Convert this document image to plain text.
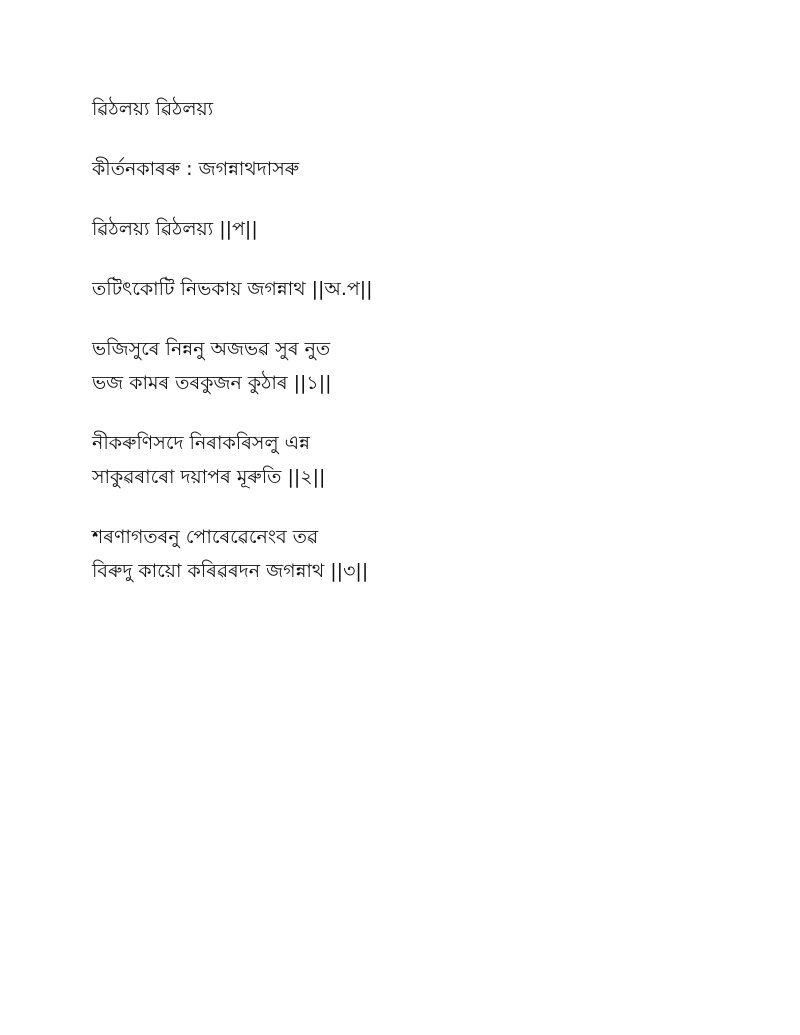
ৱিঠলয়্য ৱিঠলয়্য

কীর্তনকাৰৰু : জগন্নাথদাসৰু

ৱিঠলয়্য ৱিঠলয়্য ||প||

তটিৎকোটি নিভকায় জগন্নাথ ||অ.প||

ভজিসুৰে নিন্ননু অজভৱ সুৰ নুত

ভজ কামৰ তৰকুজন কুঠাৰ ||১||

নীকৰুণিসদে নিৰাকৰিসলু এন্ন

সাকুৱৰাৰো দয়াপৰ মূৰুতি ||২||

শৰণাগতৰনু পোৰেৱেনেংব তৱ

বিৰুদু কায়ো কৰিৱৰদন জগন্নাথ ||৩||
